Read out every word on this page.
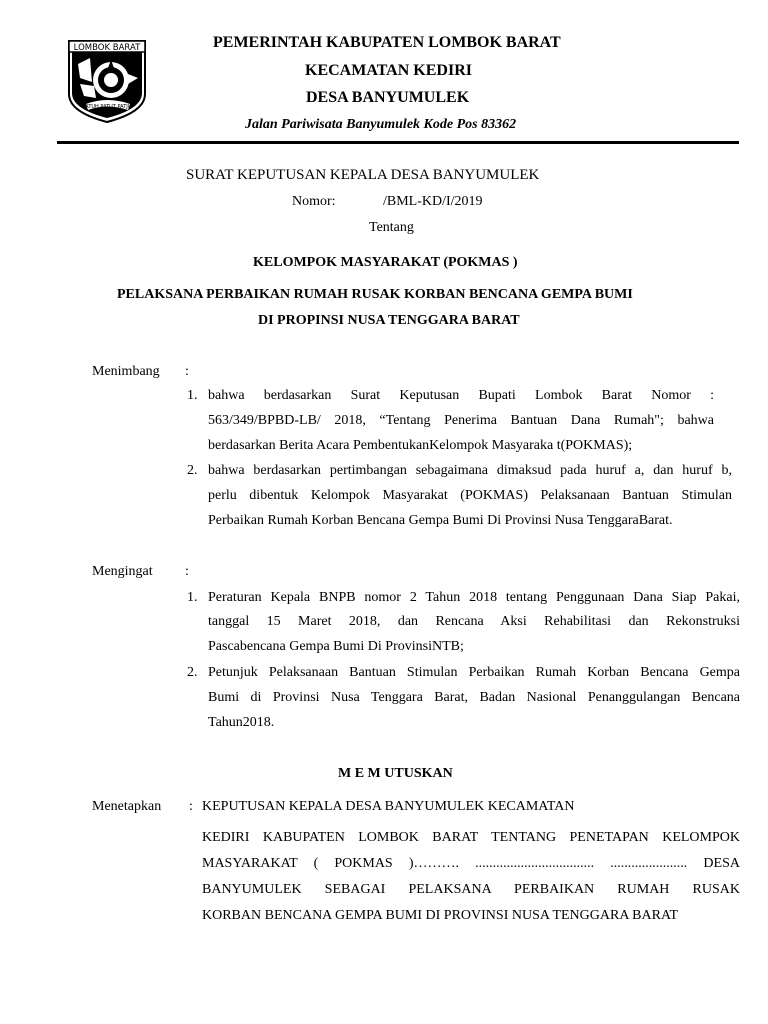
LOMBOK BARAT
PATUH PATUT PATJU
PEMERINTAH KABUPATEN LOMBOK BARAT
KECAMATAN KEDIRI
DESA BANYUMULEK
Jalan Pariwisata Banyumulek Kode Pos 83362
SURAT KEPUTUSAN KEPALA DESA BANYUMULEK
Nomor:	/BML-KD/I/2019
Tentang
KELOMPOK MASYARAKAT (POKMAS )
PELAKSANA PERBAIKAN RUMAH RUSAK KORBAN BENCANA GEMPA BUMI
DI PROPINSI NUSA TENGGARA BARAT
Menimbang :
1. bahwa berdasarkan Surat Keputusan Bupati Lombok Barat Nomor :
563/349/BPBD-LB/ 2018, “Tentang Penerima Bantuan Dana Rumah"; bahwa
berdasarkan Berita Acara PembentukanKelompok Masyaraka t(POKMAS);
2. bahwa berdasarkan pertimbangan sebagaimana dimaksud pada huruf a, dan huruf b,
perlu dibentuk Kelompok Masyarakat (POKMAS) Pelaksanaan Bantuan Stimulan
Perbaikan Rumah Korban Bencana Gempa Bumi Di Provinsi Nusa TenggaraBarat.
Mengingat :
1. Peraturan Kepala BNPB nomor 2 Tahun 2018 tentang Penggunaan Dana Siap Pakai,
tanggal 15 Maret 2018, dan Rencana Aksi Rehabilitasi dan Rekonstruksi
Pascabencana Gempa Bumi Di ProvinsiNTB;
2. Petunjuk Pelaksanaan Bantuan Stimulan Perbaikan Rumah Korban Bencana Gempa
Bumi di Provinsi Nusa Tenggara Barat, Badan Nasional Penanggulangan Bencana
Tahun2018.
M E M UTUSKAN
Menetapkan : KEPUTUSAN KEPALA DESA BANYUMULEK KECAMATAN
KEDIRI KABUPATEN LOMBOK BARAT TENTANG PENETAPAN KELOMPOK
MASYARAKAT ( POKMAS )………. .................................. ...................... DESA
BANYUMULEK SEBAGAI PELAKSANA PERBAIKAN RUMAH RUSAK
KORBAN BENCANA GEMPA BUMI DI PROVINSI NUSA TENGGARA BARAT
